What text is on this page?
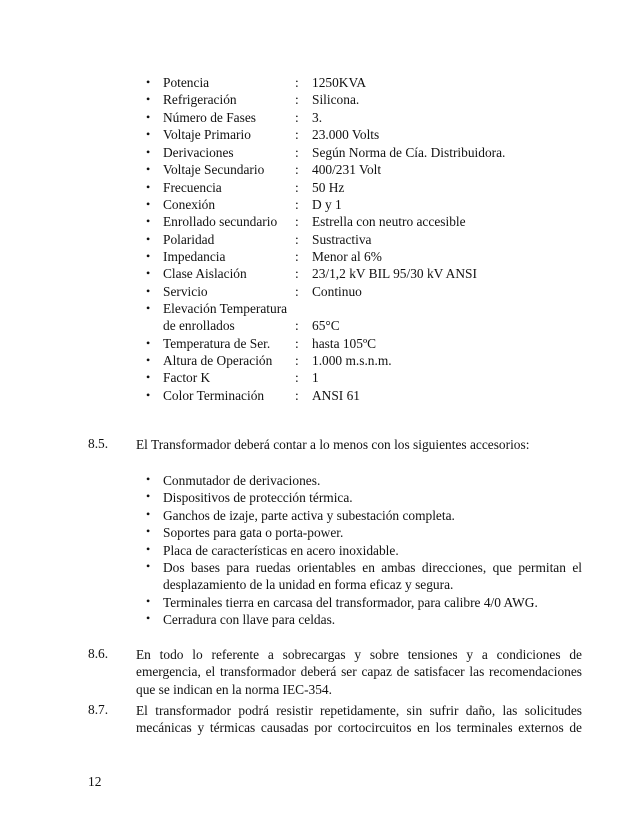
• Potencia	: 1250KVA
• Refrigeración	: Silicona.
• Número de Fases	: 3.
• Voltaje Primario	: 23.000 Volts
• Derivaciones	: Según Norma de Cía. Distribuidora.
• Voltaje Secundario : 400/231 Volt
• Frecuencia	: 50 Hz
• Conexión	: D y 1
• Enrollado secundario : Estrella con neutro accesible
• Polaridad	: Sustractiva
• Impedancia	: Menor al 6%
• Clase Aislación	: 23/1,2 kV BIL 95/30 kV ANSI
• Servicio	: Continuo
• Elevación Temperatura
de enrollados	: 65°C
• Temperatura de Ser. : hasta 105ºC
• Altura de Operación : 1.000 m.s.n.m.
• Factor K	: 1
• Color Terminación : ANSI 61
8.5. El Transformador deberá contar a lo menos con los siguientes accesorios:
• Conmutador de derivaciones.
• Dispositivos de protección térmica.
• Ganchos de izaje, parte activa y subestación completa.
• Soportes para gata o porta-power.
• Placa de características en acero inoxidable.
• Dos bases para ruedas orientables en ambas direcciones, que permitan el desplazamiento de la unidad en forma eficaz y segura.
• Terminales tierra en carcasa del transformador, para calibre 4/0 AWG.
• Cerradura con llave para celdas.
8.6. En todo lo referente a sobrecargas y sobre tensiones y a condiciones de emergencia, el transformador deberá ser capaz de satisfacer las recomendaciones que se indican en la norma IEC-354.
8.7. El transformador podrá resistir repetidamente, sin sufrir daño, las solicitudes mecánicas y térmicas causadas por cortocircuitos en los terminales externos de
12
